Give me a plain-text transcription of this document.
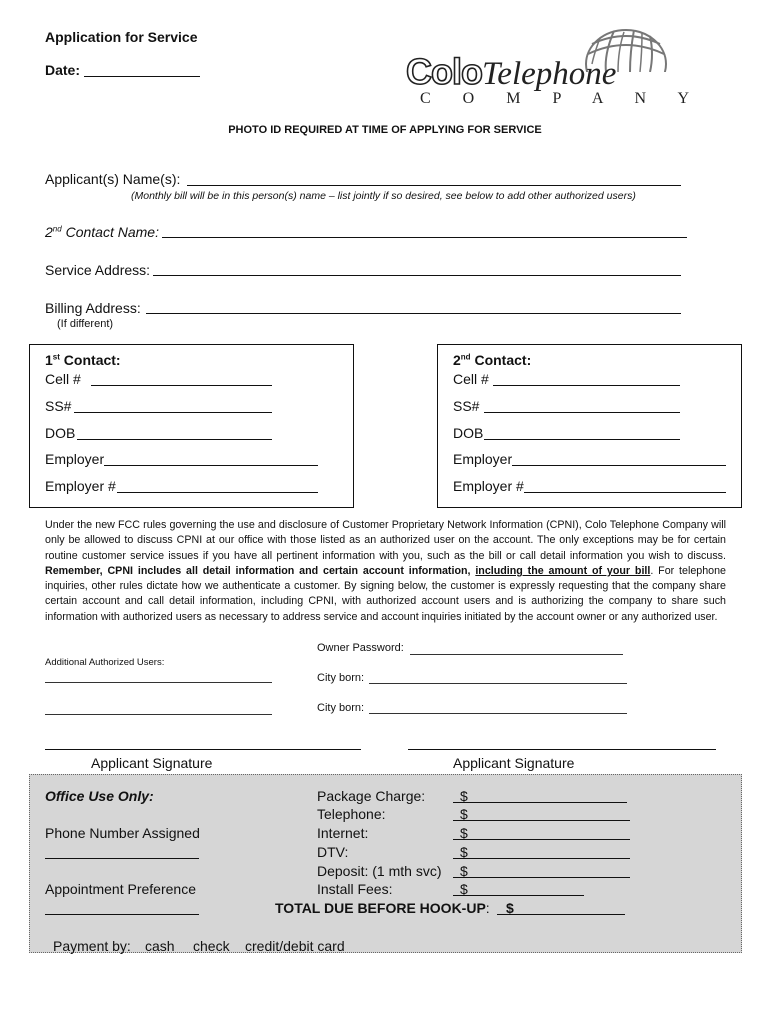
Application for Service
Date:	ColoTelephone
C O M P A N Y
PHOTO ID REQUIRED AT TIME OF APPLYING FOR SERVICE
Applicant(s) Name(s):
(Monthly bill will be in this person(s) name – list jointly if so desired, see below to add other authorized users)
2nd Contact Name:
Service Address:
Billing Address:
(If different)
1st Contact:
Cell #
SS#
DOB
Employer
Employer #
2nd Contact:
Cell #
SS#
DOB
Employer
Employer #
Under the new FCC rules governing the use and disclosure of Customer Proprietary Network Information (CPNI), Colo Telephone Company will only be allowed to discuss CPNI at our office with those listed as an authorized user on the account. The only exceptions may be for certain routine customer service issues if you have all pertinent information with you, such as the bill or call detail information you wish to discuss. Remember, CPNI includes all detail information and certain account information, including the amount of your bill. For telephone inquiries, other rules dictate how we authenticate a customer. By signing below, the customer is expressly requesting that the company share certain account and call detail information, including CPNI, with authorized account users and is authorizing the company to share such information with authorized users as necessary to address service and account inquiries initiated by the account owner or any authorized user.
Owner Password:
Additional Authorized Users:
City born:
City born:
Applicant Signature	Applicant Signature
Office Use Only:
Phone Number Assigned
Appointment Preference
Package Charge:
Telephone:
Internet:
DTV:
Deposit: (1 mth svc)
Install Fees:
$
$
$
$
$
$
TOTAL DUE BEFORE HOOK-UP: $
Payment by: cash check credit/debit card
